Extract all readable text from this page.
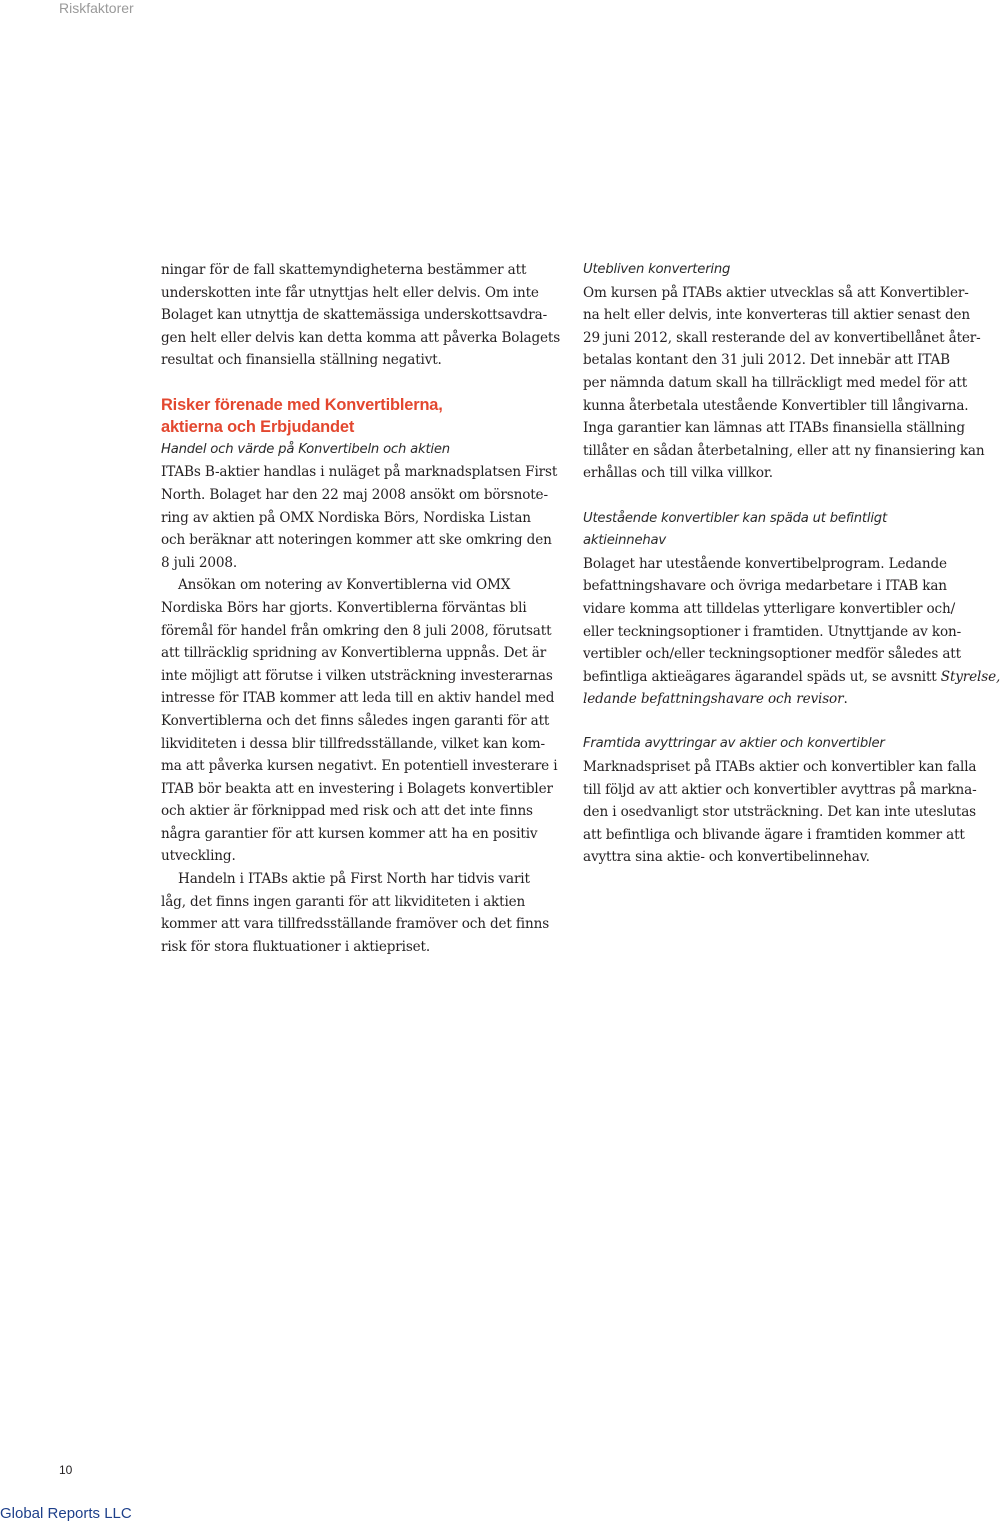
Riskfaktorer
ningar för de fall skattemyndigheterna bestämmer att
underskotten inte får utnyttjas helt eller delvis. Om inte
Bolaget kan utnyttja de skattemässiga underskottsavdra-
gen helt eller delvis kan detta komma att påverka Bolagets
resultat och finansiella ställning negativt.
Risker förenade med Konvertiblerna,
aktierna och Erbjudandet
Handel och värde på Konvertibeln och aktien
ITABs B-aktier handlas i nuläget på marknadsplatsen First
North. Bolaget har den 22 maj 2008 ansökt om börsnote-
ring av aktien på OMX Nordiska Börs, Nordiska Listan
och beräknar att noteringen kommer att ske omkring den
8 juli 2008.
Ansökan om notering av Konvertiblerna vid OMX
Nordiska Börs har gjorts. Konvertiblerna förväntas bli
föremål för handel från omkring den 8 juli 2008, förutsatt
att tillräcklig spridning av Konvertiblerna uppnås. Det är
inte möjligt att förutse i vilken utsträckning investerarnas
intresse för ITAB kommer att leda till en aktiv handel med
Konvertiblerna och det finns således ingen garanti för att
likviditeten i dessa blir tillfredsställande, vilket kan kom-
ma att påverka kursen negativt. En potentiell investerare i
ITAB bör beakta att en investering i Bolagets konvertibler
och aktier är förknippad med risk och att det inte finns
några garantier för att kursen kommer att ha en positiv
utveckling.
Handeln i ITABs aktie på First North har tidvis varit
låg, det finns ingen garanti för att likviditeten i aktien
kommer att vara tillfredsställande framöver och det finns
risk för stora fluktuationer i aktiepriset.
Utebliven konvertering
Om kursen på ITABs aktier utvecklas så att Konvertibler-
na helt eller delvis, inte konverteras till aktier senast den
29 juni 2012, skall resterande del av konvertibellånet åter-
betalas kontant den 31 juli 2012. Det innebär att ITAB
per nämnda datum skall ha tillräckligt med medel för att
kunna återbetala utestående Konvertibler till långivarna.
Inga garantier kan lämnas att ITABs finansiella ställning
tillåter en sådan återbetalning, eller att ny finansiering kan
erhållas och till vilka villkor.
Utestående konvertibler kan späda ut befintligt
aktieinnehav
Bolaget har utestående konvertibelprogram. Ledande
befattningshavare och övriga medarbetare i ITAB kan
vidare komma att tilldelas ytterligare konvertibler och/
eller teckningsoptioner i framtiden. Utnyttjande av kon-
vertibler och/eller teckningsoptioner medför således att
befintliga aktieägares ägarandel späds ut, se avsnitt Styrelse,
ledande befattningshavare och revisor.
Framtida avyttringar av aktier och konvertibler
Marknadspriset på ITABs aktier och konvertibler kan falla
till följd av att aktier och konvertibler avyttras på markna-
den i osedvanligt stor utsträckning. Det kan inte uteslutas
att befintliga och blivande ägare i framtiden kommer att
avyttra sina aktie- och konvertibelinnehav.
10
Global Reports LLC
